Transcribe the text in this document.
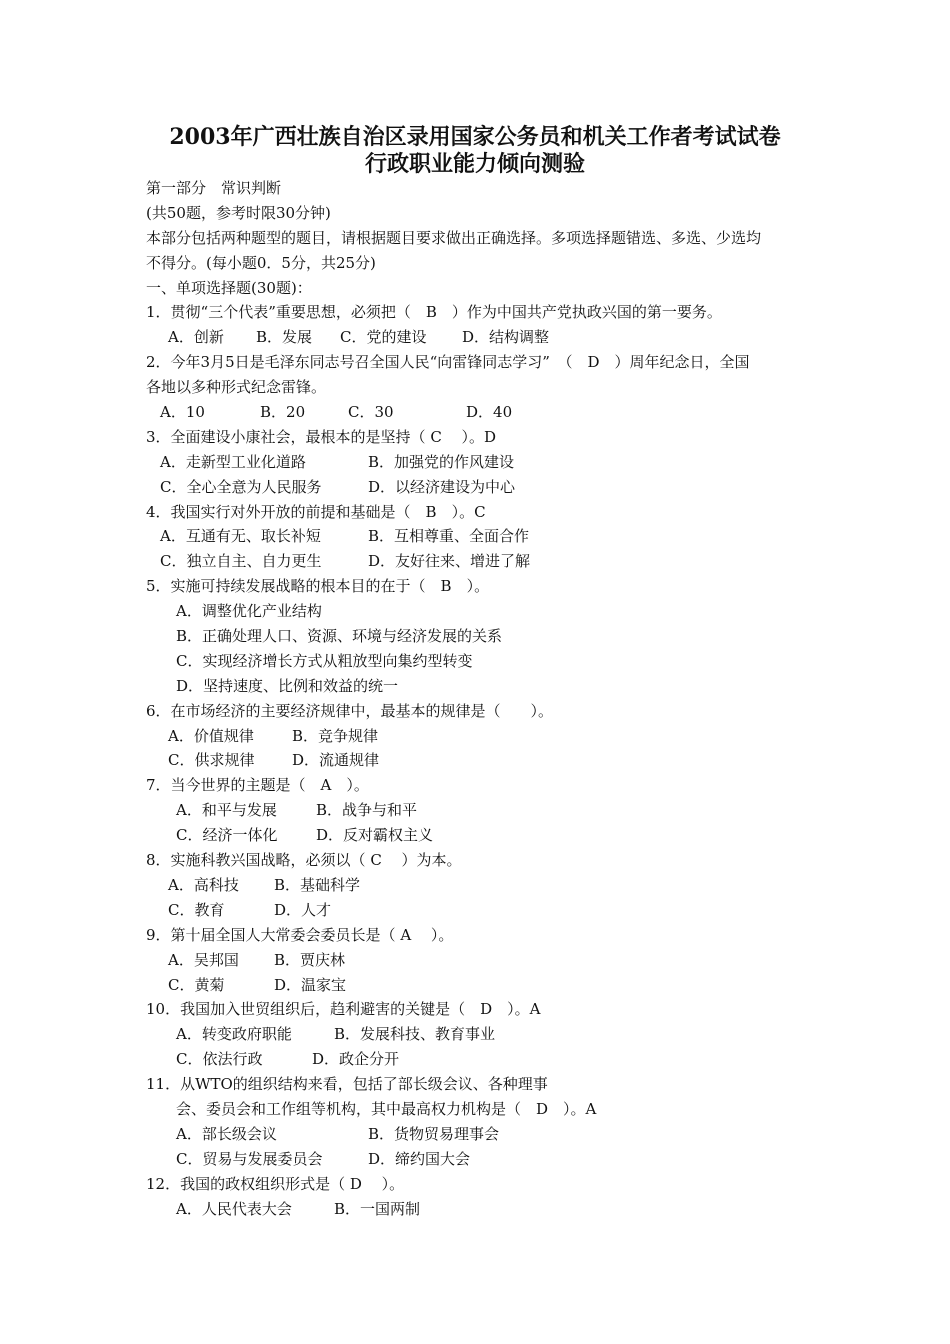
2003年广西壮族自治区录用国家公务员和机关工作者考试试卷
行政职业能力倾向测验
第一部分　常识判断
(共50题，参考时限30分钟)
本部分包括两种题型的题目，请根据题目要求做出正确选择。多项选择题错选、多选、少选均
不得分。(每小题0．5分，共25分)
一、单项选择题(30题)：
1．贯彻“三个代表”重要思想，必须把（　B　）作为中国共产党执政兴国的第一要务。
A．创新 B．发展 C．党的建设 D．结构调整
2．今年3月5日是毛泽东同志号召全国人民“向雷锋同志学习”　（　D　）周年纪念日，全国
各地以多种形式纪念雷锋。
A．10	B．20	C．30	D．40
3．全面建设小康社会，最根本的是坚持（ C　 ）。D
A．走新型工业化道路	B．加强党的作风建设
C．全心全意为人民服务	D．以经济建设为中心
4．我国实行对外开放的前提和基础是（　B　）。C
A．互通有无、取长补短	B．互相尊重、全面合作
C．独立自主、自力更生	D．友好往来、增进了解
5．实施可持续发展战略的根本目的在于（　B　）。
A．调整优化产业结构
B．正确处理人口、资源、环境与经济发展的关系
C．实现经济增长方式从粗放型向集约型转变
D．坚持速度、比例和效益的统一
6．在市场经济的主要经济规律中，最基本的规律是（　　）。
A．价值规律	B．竞争规律
C．供求规律	D．流通规律
7．当今世界的主题是（　A　）。
A．和平与发展	B．战争与和平
C．经济一体化	D．反对霸权主义
8．实施科教兴国战略，必须以（ C　 ）为本。
A．高科技 B．基础科学
C．教育	D．人才
9．第十届全国人大常委会委员长是（ A　 ）。
A．吴邦国 B．贾庆林
C．黄菊	D．温家宝
10．我国加入世贸组织后，趋利避害的关键是（　D　）。A
A．转变政府职能	B．发展科技、教育事业
C．依法行政	D．政企分开
11．从WTO的组织结构来看，包括了部长级会议、各种理事
会、委员会和工作组等机构，其中最高权力机构是（　D　）。A
A．部长级会议	B．货物贸易理事会
C．贸易与发展委员会	D．缔约国大会
12．我国的政权组织形式是（ D　 ）。
A．人民代表大会	B．一国两制
